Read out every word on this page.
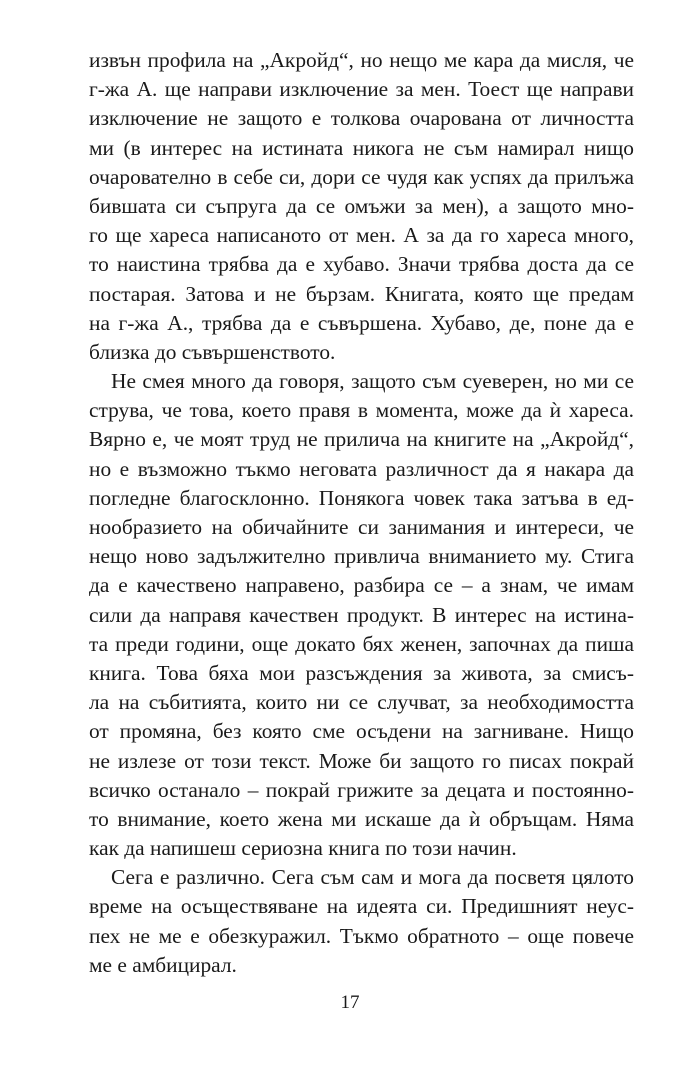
извън профила на „Акройд“, но нещо ме кара да мисля, че
г-жа А. ще направи изключение за мен. Тоест ще направи
изключение не защото е толкова очарована от личността
ми (в интерес на истината никога не съм намирал нищо
очарователно в себе си, дори се чудя как успях да прилъжа
бившата си съпруга да се омъжи за мен), а защото мно-
го ще хареса написаното от мен. А за да го хареса много,
то наистина трябва да е хубаво. Значи трябва доста да се
постарая. Затова и не бързам. Книгата, която ще предам
на г-жа А., трябва да е съвършена. Хубаво, де, поне да е
близка до съвършенството.
Не смея много да говоря, защото съм суеверен, но ми се
струва, че това, което правя в момента, може да ѝ хареса.
Вярно е, че моят труд не прилича на книгите на „Акройд“,
но е възможно тъкмо неговата различност да я накара да
погледне благосклонно. Понякога човек така затъва в ед-
нообразието на обичайните си занимания и интереси, че
нещо ново задължително привлича вниманието му. Стига
да е качествено направено, разбира се – а знам, че имам
сили да направя качествен продукт. В интерес на истина-
та преди години, още докато бях женен, започнах да пиша
книга. Това бяха мои разсъждения за живота, за смисъ-
ла на събитията, които ни се случват, за необходимостта
от промяна, без която сме осъдени на загниване. Нищо
не излезе от този текст. Може би защото го писах покрай
всичко останало – покрай грижите за децата и постоянно-
то внимание, което жена ми искаше да ѝ обръщам. Няма
как да напишеш сериозна книга по този начин.
Сега е различно. Сега съм сам и мога да посветя цялото
време на осъществяване на идеята си. Предишният неус-
пех не ме е обезкуражил. Тъкмо обратното – още повече
ме е амбицирал.
17
